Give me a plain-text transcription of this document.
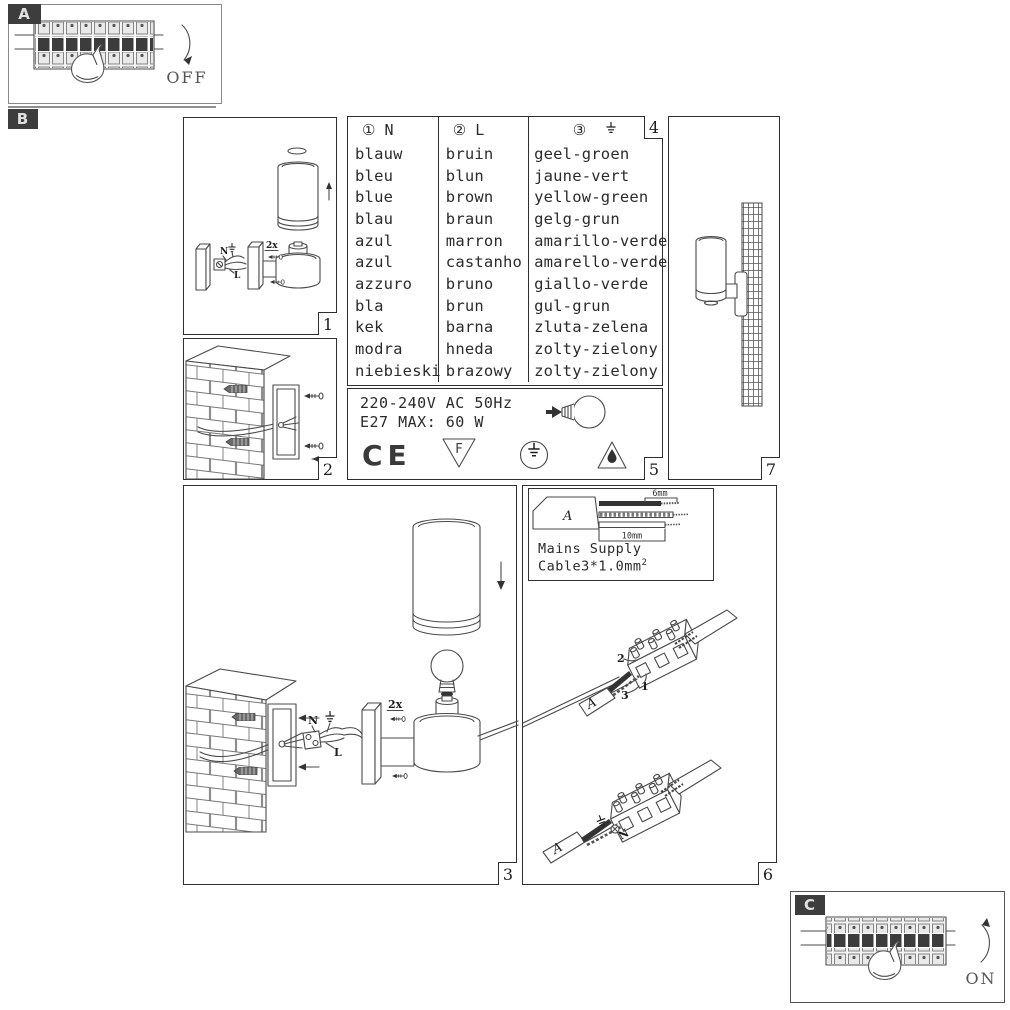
OFF
A
B
N
L
2x
1
2
① N	② L	③

blauw	bruin	geel-groen
bleu	blun	jaune-vert
blue	brown	yellow-green
blau	braun	gelg-grun
azul	marron	amarillo-verde
azul	castanho	amarello-verde
azzuro	bruno	giallo-verde
bla	brun	gul-grun
kek	barna	zluta-zelena
modra	hneda	zolty-zielony
niebieski	brazowy	zolty-zielony
4
220-240V AC 50Hz
E27 MAX: 60 W
CE	F
5	7
N
L
2x
3
A
6mm
10mm
Mains Supply
$Cable3*1.0mm^2$
A
2
3
1
A
N
6
C
ON
